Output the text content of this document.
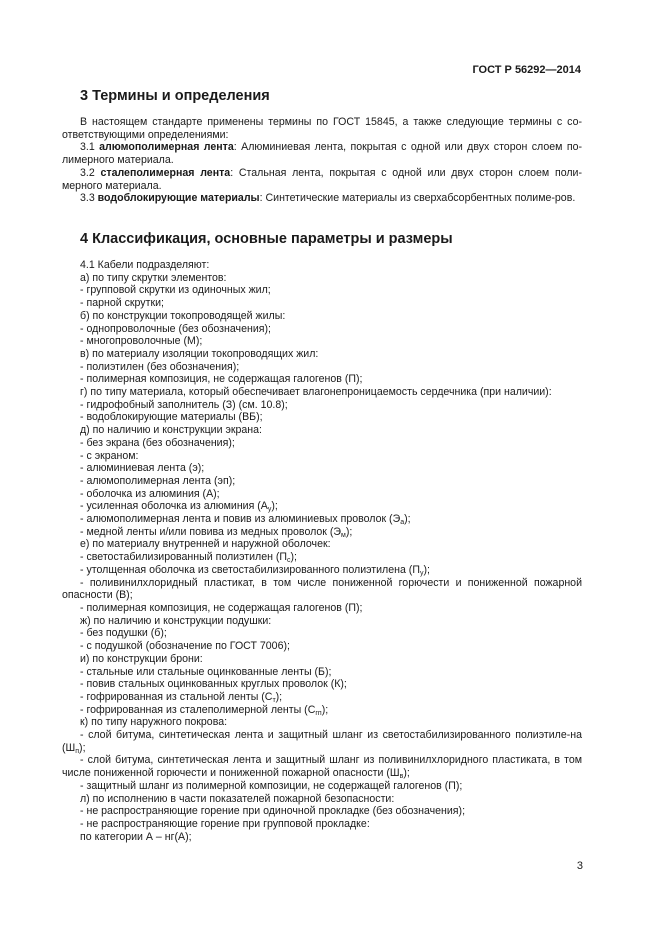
ГОСТ Р 56292—2014
3 Термины и определения

В настоящем стандарте применены термины по ГОСТ 15845, а также следующие термины с со-ответствующими определениями:

3.1 алюмополимерная лента: Алюминиевая лента, покрытая с одной или двух сторон слоем по-лимерного материала.

3.2 сталеполимерная лента: Стальная лента, покрытая с одной или двух сторон слоем поли-мерного материала.

3.3 водоблокирующие материалы: Синтетические материалы из сверхабсорбентных полиме-ров.

4 Классификация, основные параметры и размеры

4.1 Кабели подразделяют:

а) по типу скрутки элементов:

- групповой скрутки из одиночных жил;

- парной скрутки;

б) по конструкции токопроводящей жилы:

- однопроволочные (без обозначения);

- многопроволочные (М);

в) по материалу изоляции токопроводящих жил:

- полиэтилен (без обозначения);

- полимерная композиция, не содержащая галогенов (П);

г) по типу материала, который обеспечивает влагонепроницаемость сердечника (при наличии):

- гидрофобный заполнитель (З) (см. 10.8);

- водоблокирующие материалы (ВБ);

д) по наличию и конструкции экрана:

- без экрана (без обозначения);

- с экраном:

- алюминиевая лента (э);

- алюмополимерная лента (эп);

- оболочка из алюминия (А);

- усиленная оболочка из алюминия $(А_у)$;

- алюмополимерная лента и повив из алюминиевых проволок $(Э_а)$;

- медной ленты и/или повива из медных проволок $(Э_м)$;

е) по материалу внутренней и наружной оболочек:

- светостабилизированный полиэтилен $(П_с)$;

- утолщенная оболочка из светостабилизированного полиэтилена $(П_у)$;

- поливинилхлоридный пластикат, в том числе пониженной горючести и пониженной пожарной опасности (В);

- полимерная композиция, не содержащая галогенов (П);

ж) по наличию и конструкции подушки:

- без подушки (б);

- с подушкой (обозначение по ГОСТ 7006);

и) по конструкции брони:

- стальные или стальные оцинкованные ленты (Б);

- повив стальных оцинкованных круглых проволок (К);

- гофрированная из стальной ленты $(С_т)$;

- гофрированная из сталеполимерной ленты $(С_{гп})$;

к) по типу наружного покрова:

- слой битума, синтетическая лента и защитный шланг из светостабилизированного полиэтиле-на $(Ш_п)$;

- слой битума, синтетическая лента и защитный шланг из поливинилхлоридного пластиката, в том числе пониженной горючести и пониженной пожарной опасности $(Ш_в)$;

- защитный шланг из полимерной композиции, не содержащей галогенов (П);

л) по исполнению в части показателей пожарной безопасности:

- не распространяющие горение при одиночной прокладке (без обозначения);

- не распространяющие горение при групповой прокладке:

по категории А – нг(А);

3
